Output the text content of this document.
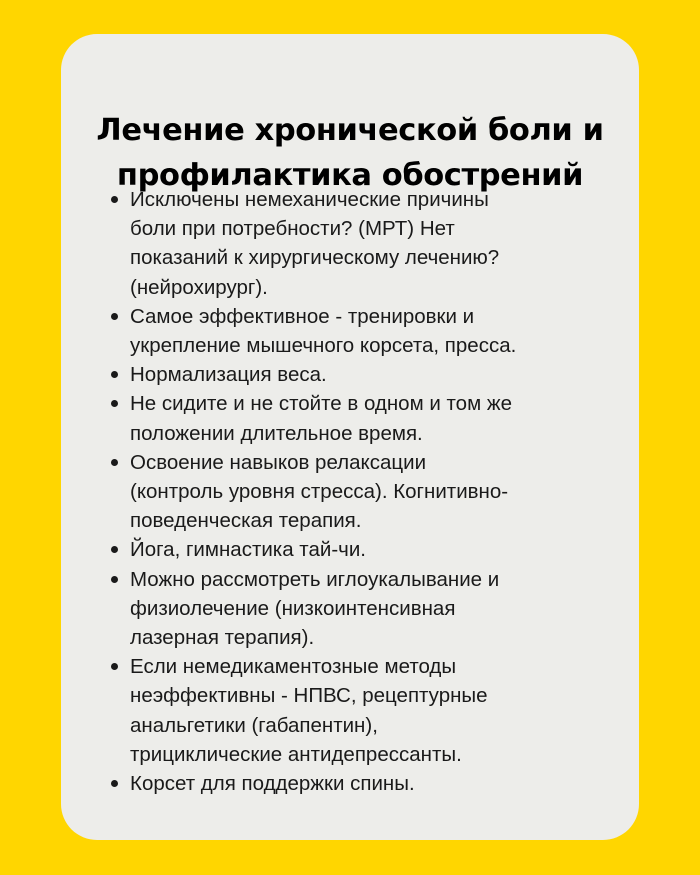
Лечение хронической боли и
профилактика обострений
Исключены немеханические причины
боли при потребности? (МРТ) Нет
показаний к хирургическому лечению?
(нейрохирург).
Самое эффективное - тренировки и
укрепление мышечного корсета, пресса.
Нормализация веса.
Не сидите и не стойте в одном и том же
положении длительное время.
Освоение навыков релаксации
(контроль уровня стресса). Когнитивно-
поведенческая терапия.
Йога, гимнастика тай-чи.
Можно рассмотреть иглоукалывание и
физиолечение (низкоинтенсивная
лазерная терапия).
Если немедикаментозные методы
неэффективны - НПВС, рецептурные
анальгетики (габапентин),
трициклические антидепрессанты.
Корсет для поддержки спины.
